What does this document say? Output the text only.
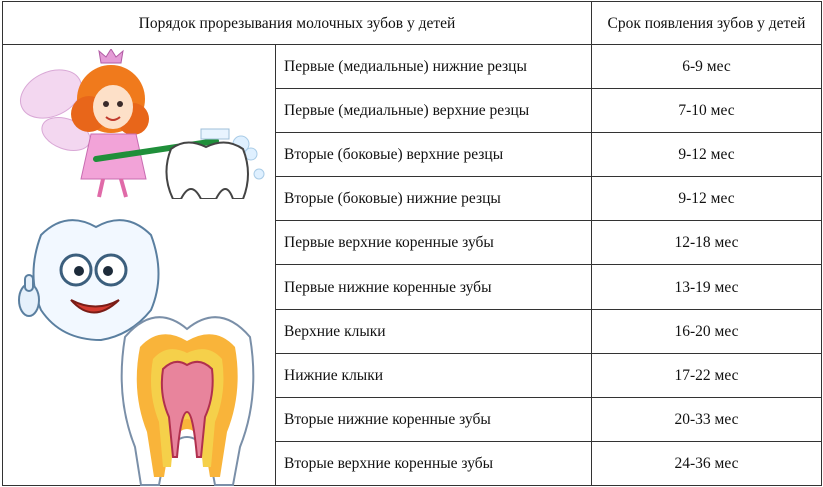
Порядок прорезывания молочных зубов у детей		Срок появления зубов у детей

	Первые (медиальные) нижние резцы	6-9 мес
	Первые (медиальные) верхние резцы	7-10 мес
	Вторые (боковые) верхние резцы	9-12 мес
	Вторые (боковые) нижние резцы	9-12 мес
	Первые верхние коренные зубы	12-18 мес
	Первые нижние коренные зубы	13-19 мес
	Верхние клыки	16-20 мес
	Нижние клыки	17-22 мес
	Вторые нижние коренные зубы	20-33 мес
	Вторые верхние коренные зубы	24-36 мес
